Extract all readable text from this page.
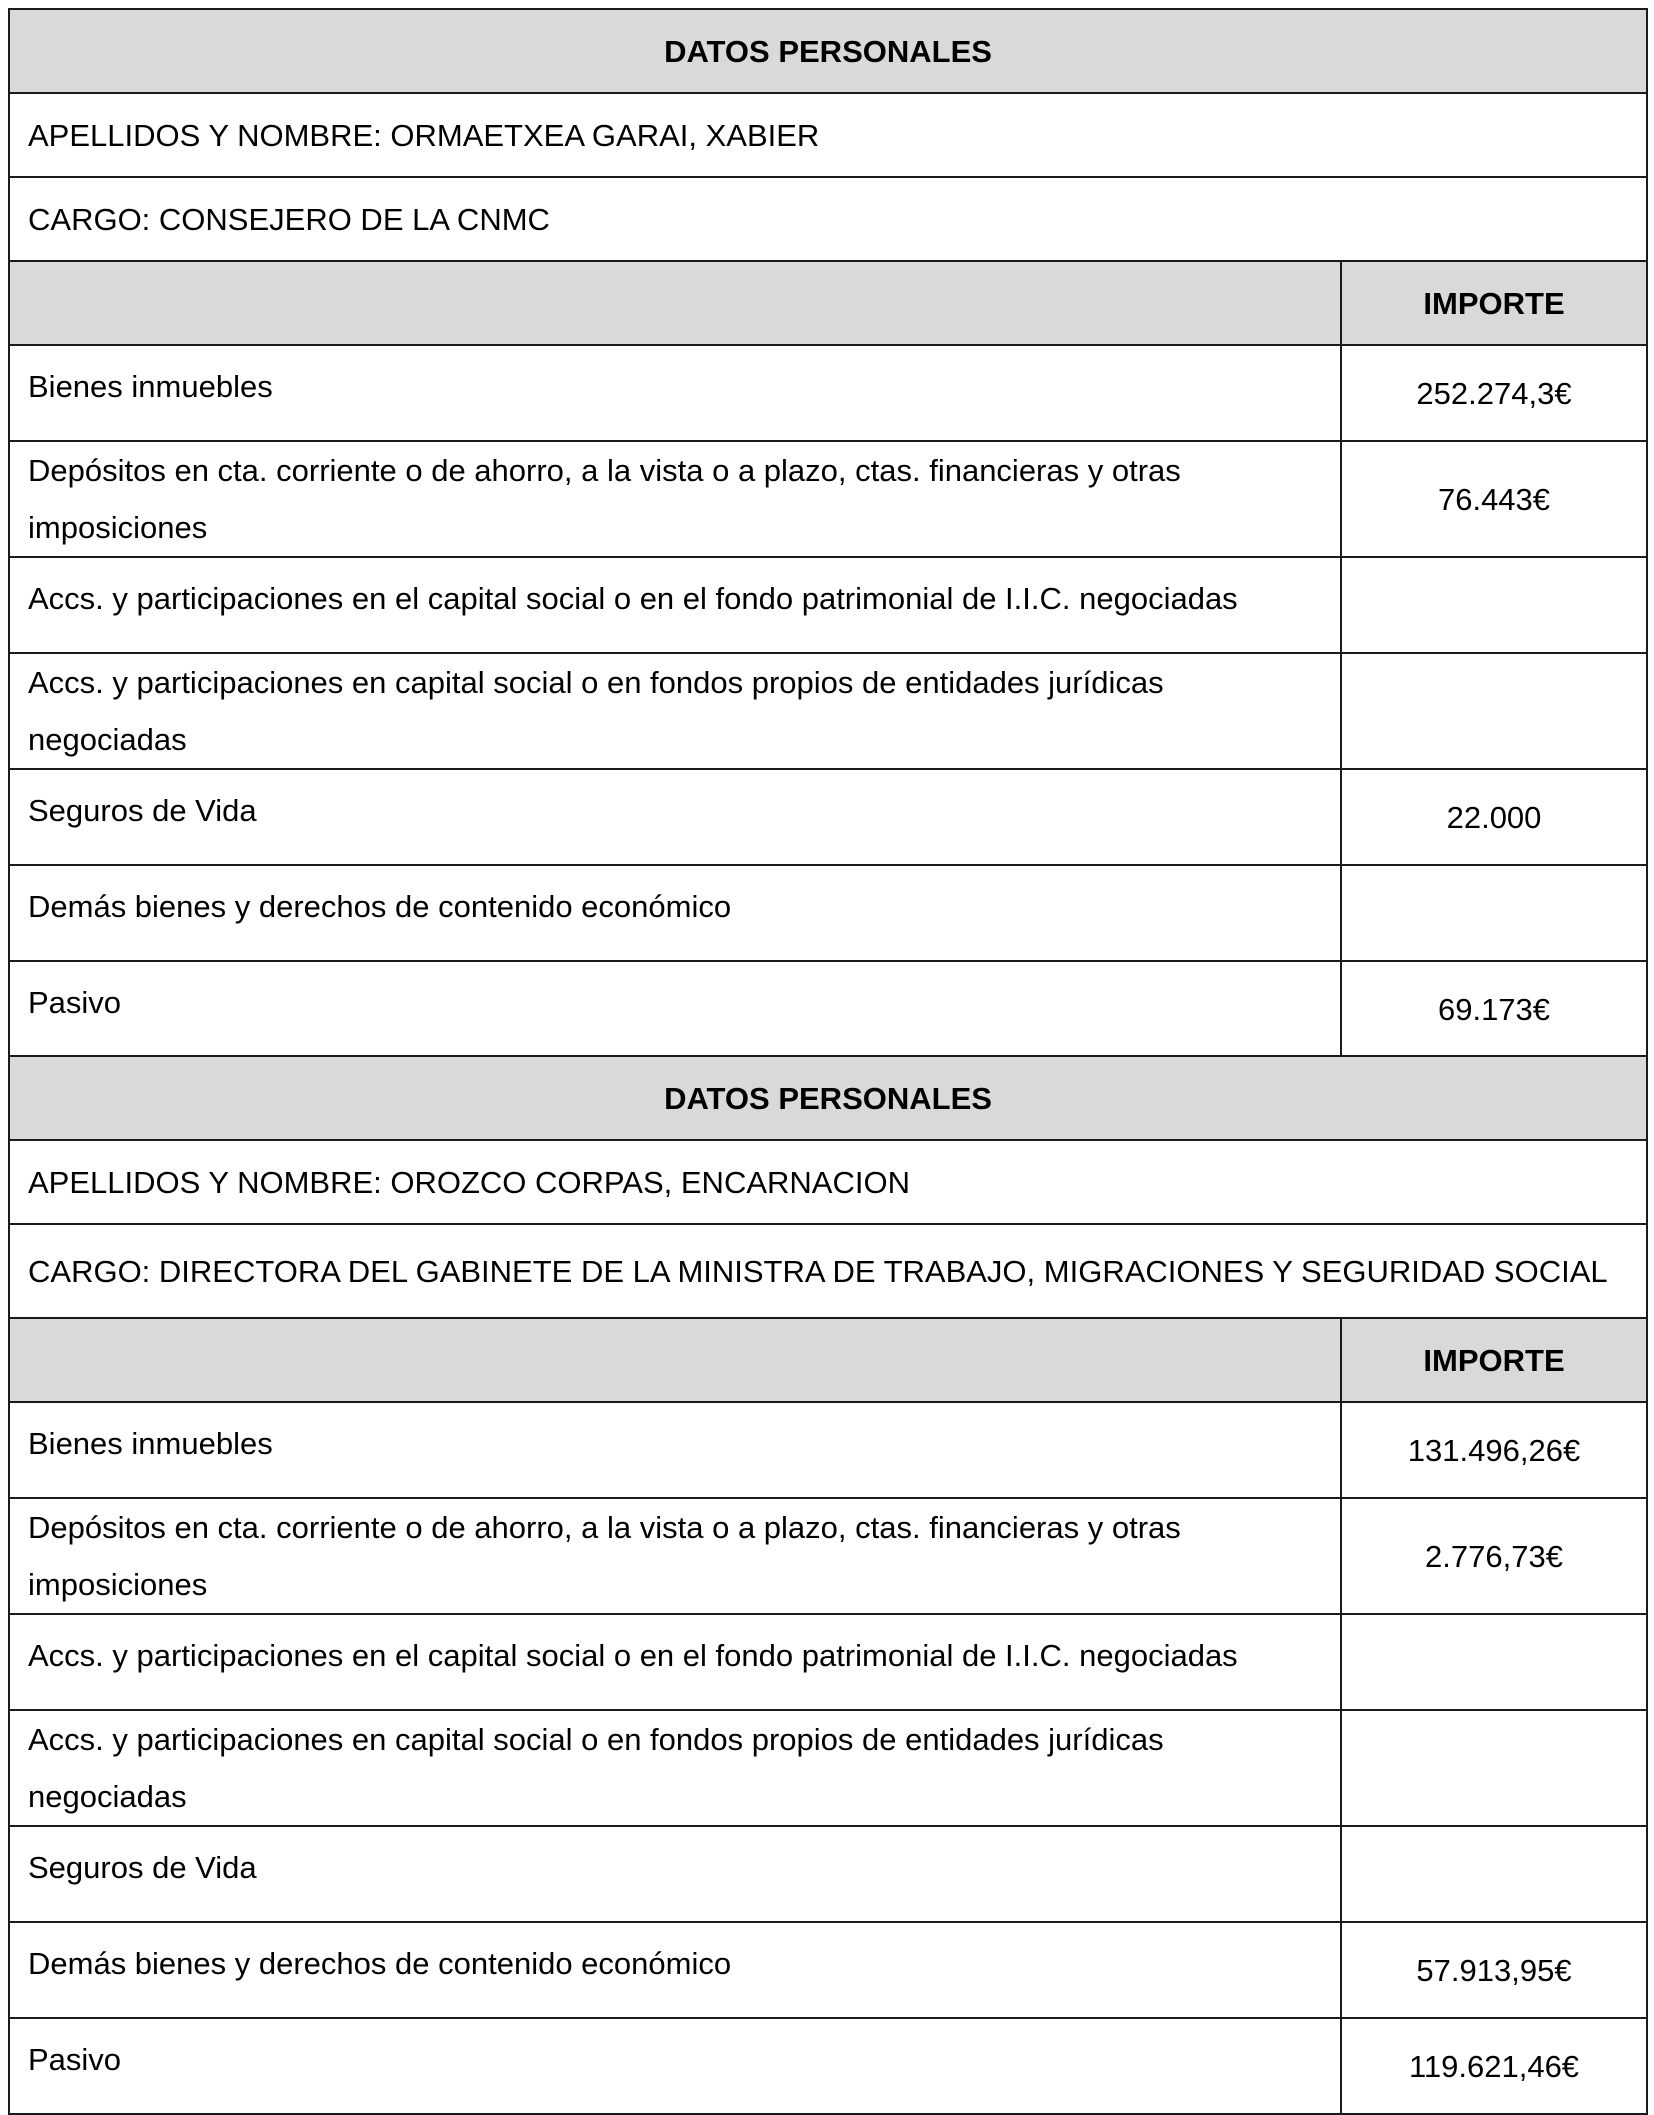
DATOS PERSONALES	
APELLIDOS Y NOMBRE: ORMAETXEA GARAI, XABIER	
CARGO: CONSEJERO DE LA CNMC	
	IMPORTE
Bienes inmuebles	252.274,3€
Depósitos en cta. corriente o de ahorro, a la vista o a plazo, ctas. financieras y otras imposiciones	76.443€
Accs. y participaciones en el capital social o en el fondo patrimonial de I.I.C. negociadas	
Accs. y participaciones en capital social o en fondos propios de entidades jurídicas negociadas	
Seguros de Vida	22.000
Demás bienes y derechos de contenido económico	
Pasivo	69.173€
DATOS PERSONALES	
APELLIDOS Y NOMBRE: OROZCO CORPAS, ENCARNACION	
CARGO: DIRECTORA DEL GABINETE DE LA MINISTRA DE TRABAJO, MIGRACIONES Y SEGURIDAD SOCIAL	
	IMPORTE
Bienes inmuebles	131.496,26€
Depósitos en cta. corriente o de ahorro, a la vista o a plazo, ctas. financieras y otras imposiciones	2.776,73€
Accs. y participaciones en el capital social o en el fondo patrimonial de I.I.C. negociadas	
Accs. y participaciones en capital social o en fondos propios de entidades jurídicas negociadas	
Seguros de Vida	
Demás bienes y derechos de contenido económico	57.913,95€
Pasivo	119.621,46€
